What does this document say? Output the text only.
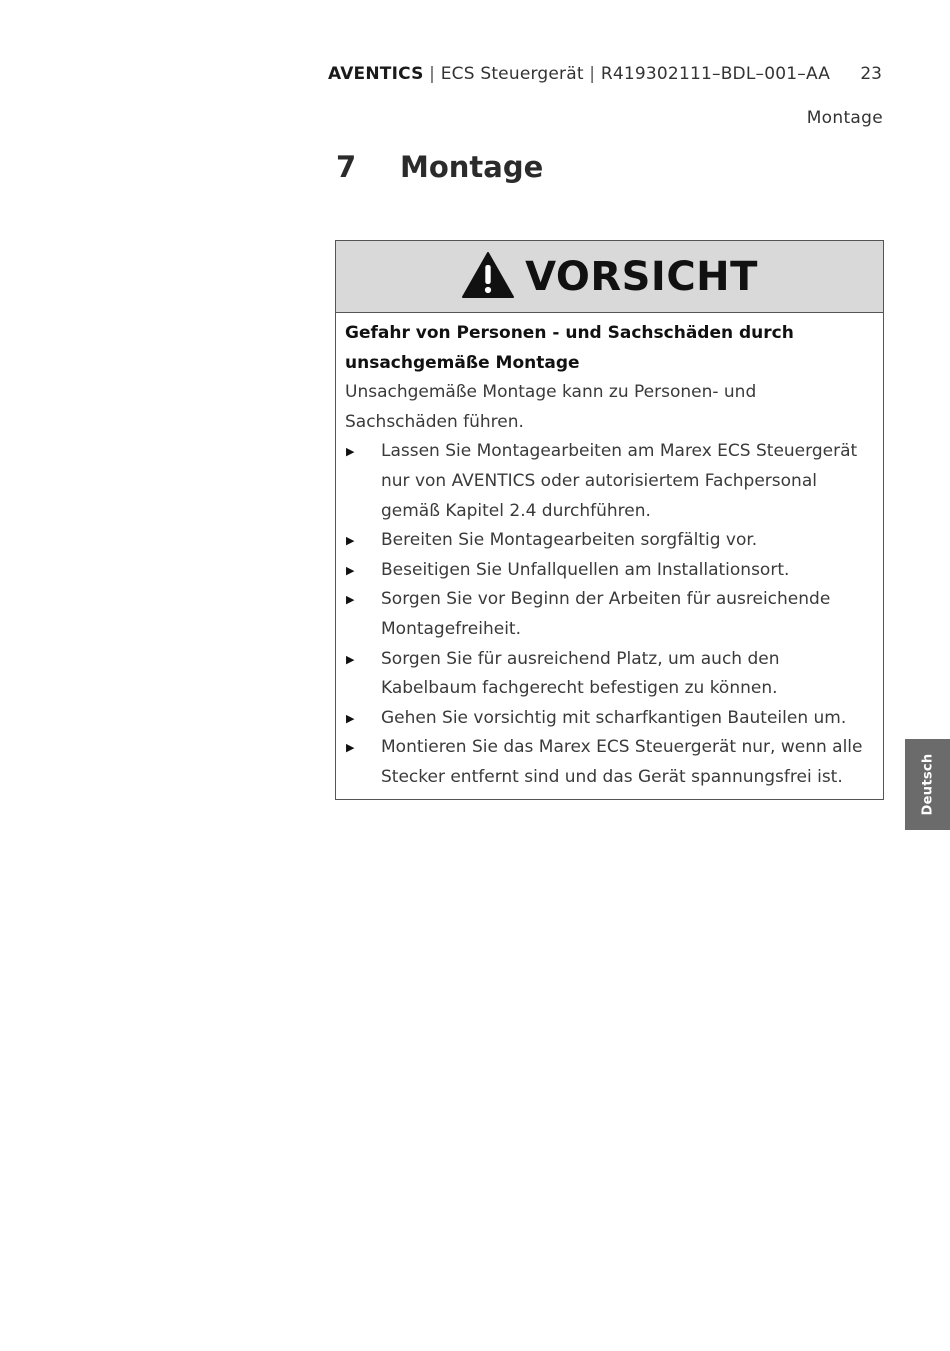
AVENTICS | ECS Steuergerät | R419302111–BDL–001–AA 23
Montage
7 Montage
VORSICHT
Gefahr von Personen - und Sachschäden durch unsachgemäße Montage
Unsachgemäße Montage kann zu Personen- und Sachschäden führen.
▶ Lassen Sie Montagearbeiten am Marex ECS Steuergerät nur von AVENTICS oder autorisiertem Fachpersonal gemäß Kapitel 2.4 durchführen.
▶ Bereiten Sie Montagearbeiten sorgfältig vor.
▶ Beseitigen Sie Unfallquellen am Installationsort.
▶ Sorgen Sie vor Beginn der Arbeiten für ausreichende Montagefreiheit.
▶ Sorgen Sie für ausreichend Platz, um auch den Kabelbaum fachgerecht befestigen zu können.
▶ Gehen Sie vorsichtig mit scharfkantigen Bauteilen um.
▶ Montieren Sie das Marex ECS Steuergerät nur, wenn alle Stecker entfernt sind und das Gerät spannungsfrei ist.	Deutsch
